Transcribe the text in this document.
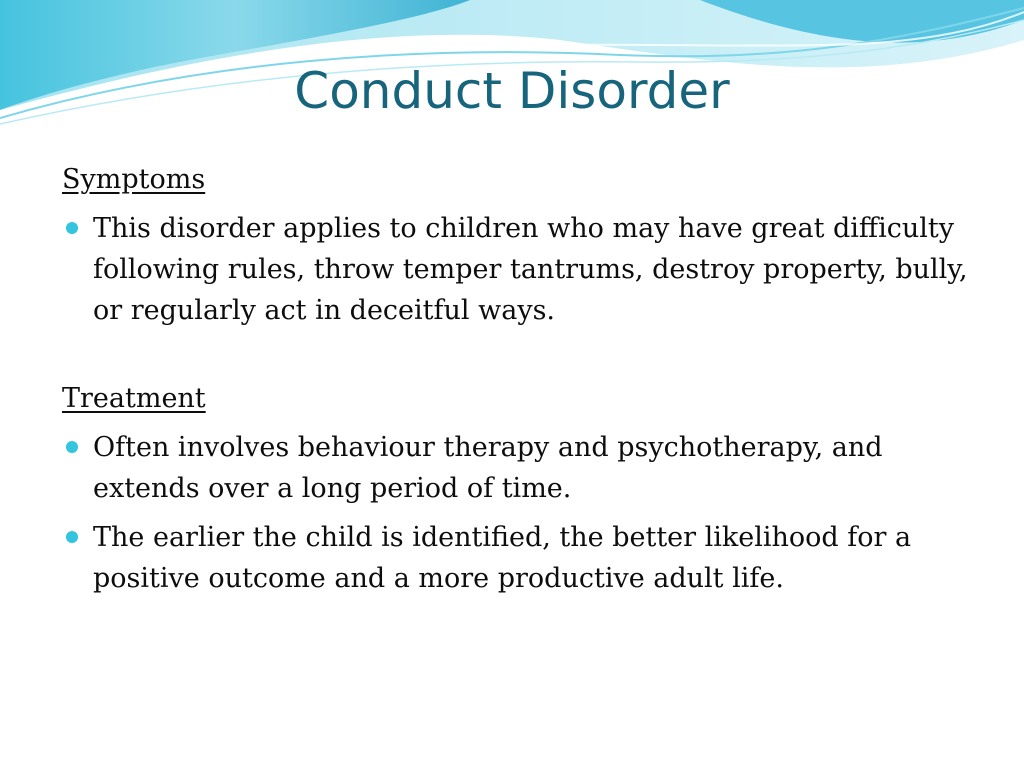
Conduct Disorder

Symptoms

This disorder applies to children who may have great difficulty following rules, throw temper tantrums, destroy property, bully, or regularly act in deceitful ways.

Treatment

Often involves behaviour therapy and psychotherapy, and extends over a long period of time.
The earlier the child is identified, the better likelihood for a positive outcome and a more productive adult life.
